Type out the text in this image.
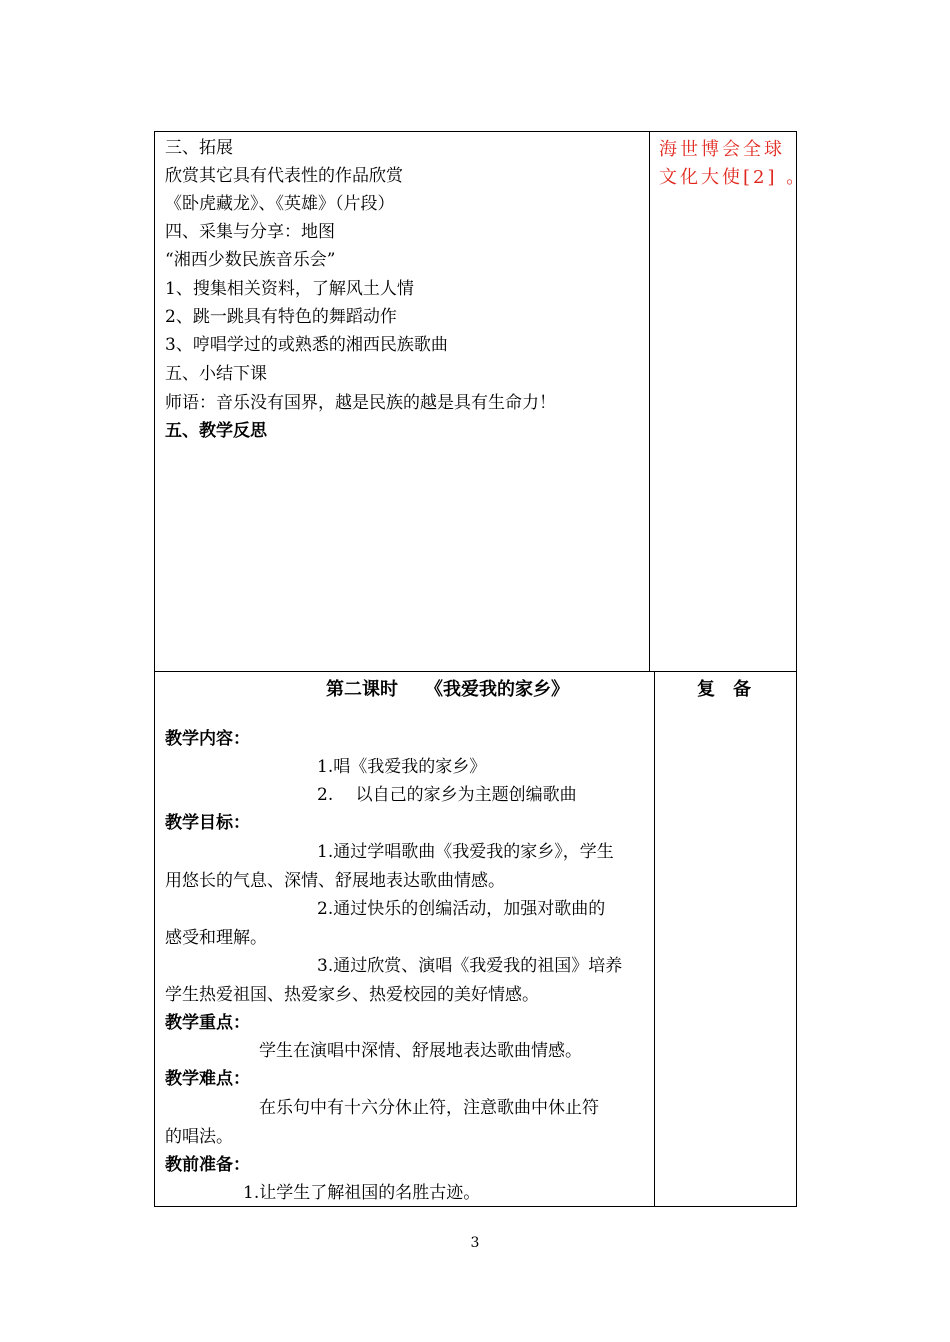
三、拓展
欣赏其它具有代表性的作品欣赏
《卧虎藏龙》、《英雄》（片段）
四、采集与分享：地图
“湘西少数民族音乐会”
1、搜集相关资料，了解风土人情
2、跳一跳具有特色的舞蹈动作
3、哼唱学过的或熟悉的湘西民族歌曲
五、小结下课
师语：音乐没有国界，越是民族的越是具有生命力！
五、教学反思
海世博会全球
文化大使[2] 。
第二课时　　《我爱我的家乡》	复　备
教学内容：
1.唱《我爱我的家乡》
2.　 以自己的家乡为主题创编歌曲
教学目标：
1.通过学唱歌曲《我爱我的家乡》，学生
用悠长的气息、深情、舒展地表达歌曲情感。
2.通过快乐的创编活动，加强对歌曲的
感受和理解。
3.通过欣赏、演唱《我爱我的祖国》培养
学生热爱祖国、热爱家乡、热爱校园的美好情感。
教学重点：
学生在演唱中深情、舒展地表达歌曲情感。
教学难点：
在乐句中有十六分休止符，注意歌曲中休止符
的唱法。
教前准备：
1.让学生了解祖国的名胜古迹。
3
